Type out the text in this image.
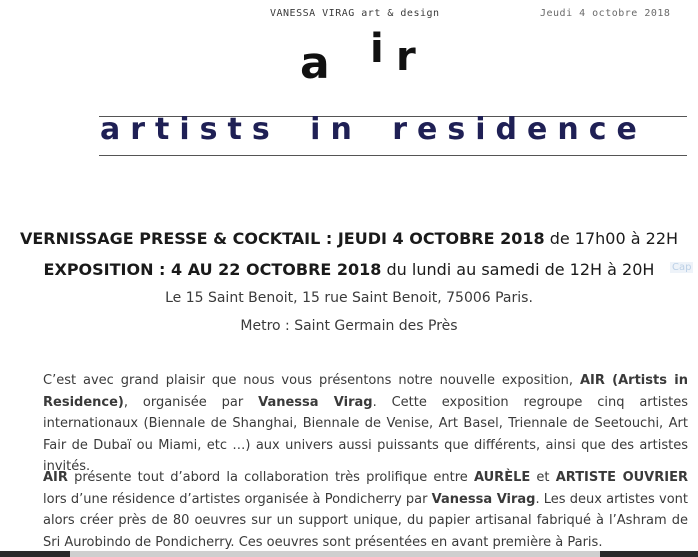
VANESSA VIRAG art & design	Jeudi 4 octobre 2018
a i r
artists in residence
VERNISSAGE PRESSE & COCKTAIL : JEUDI 4 OCTOBRE 2018 de 17h00 à 22H
EXPOSITION : 4 AU 22 OCTOBRE 2018 du lundi au samedi de 12H à 20H	Cap
Le 15 Saint Benoit, 15 rue Saint Benoit, 75006 Paris.
Metro : Saint Germain des Près
C’est avec grand plaisir que nous vous présentons notre nouvelle exposition, AIR (Artists in Residence), organisée par Vanessa Virag. Cette exposition regroupe cinq artistes internationaux (Biennale de Shanghai, Biennale de Venise, Art Basel, Triennale de Seetouchi, Art Fair de Dubaï ou Miami, etc …) aux univers aussi puissants que différents, ainsi que des artistes invités.
AIR présente tout d’abord la collaboration très prolifique entre AURÈLE et ARTISTE OUVRIER lors d’une résidence d’artistes organisée à Pondicherry par Vanessa Virag. Les deux artistes vont alors créer près de 80 oeuvres sur un support unique, du papier artisanal fabriqué à l’Ashram de Sri Aurobindo de Pondicherry. Ces oeuvres sont présentées en avant première à Paris.
